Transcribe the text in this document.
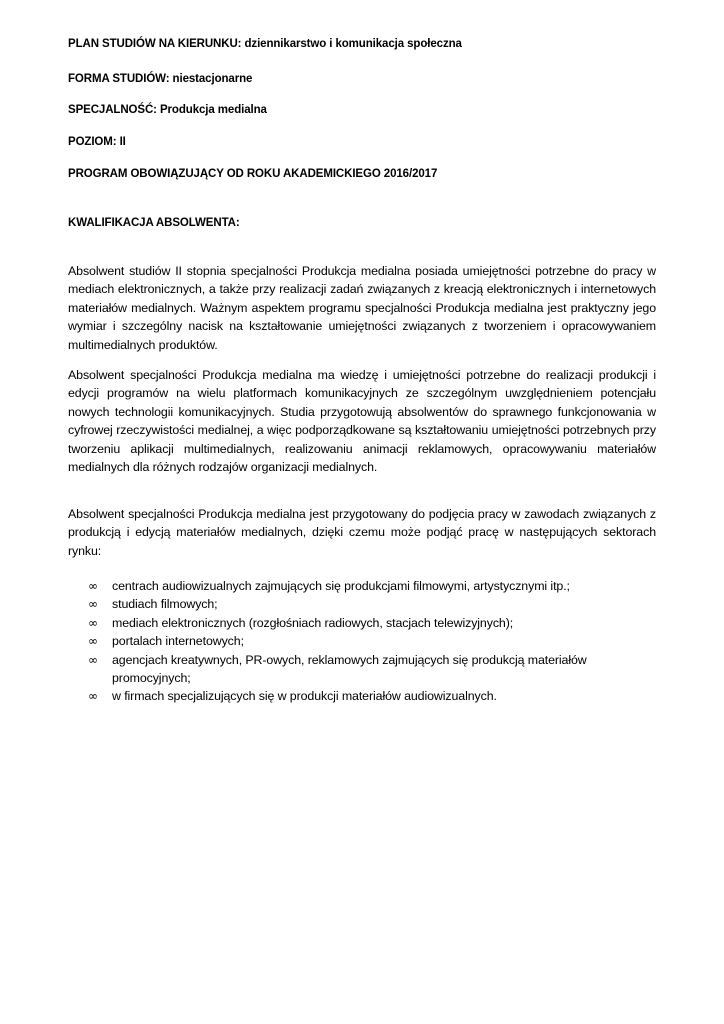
PLAN STUDIÓW NA KIERUNKU: dziennikarstwo i komunikacja społeczna
FORMA STUDIÓW: niestacjonarne
SPECJALNOŚĆ: Produkcja medialna
POZIOM: II
PROGRAM OBOWIĄZUJĄCY OD ROKU AKADEMICKIEGO 2016/2017
KWALIFIKACJA ABSOLWENTA:

Absolwent studiów II stopnia specjalności Produkcja medialna posiada umiejętności potrzebne do pracy w mediach elektronicznych, a także przy realizacji zadań związanych z kreacją elektronicznych i internetowych materiałów medialnych. Ważnym aspektem programu specjalności Produkcja medialna jest praktyczny jego wymiar i szczególny nacisk na kształtowanie umiejętności związanych z tworzeniem i opracowywaniem multimedialnych produktów.

Absolwent specjalności Produkcja medialna ma wiedzę i umiejętności potrzebne do realizacji produkcji i edycji programów na wielu platformach komunikacyjnych ze szczególnym uwzględnieniem potencjału nowych technologii komunikacyjnych. Studia przygotowują absolwentów do sprawnego funkcjonowania w cyfrowej rzeczywistości medialnej, a więc podporządkowane są kształtowaniu umiejętności potrzebnych przy tworzeniu aplikacji multimedialnych, realizowaniu animacji reklamowych, opracowywaniu materiałów medialnych dla różnych rodzajów organizacji medialnych.

Absolwent specjalności Produkcja medialna jest przygotowany do podjęcia pracy w zawodach związanych z produkcją i edycją materiałów medialnych, dzięki czemu może podjąć pracę w następujących sektorach rynku:

∞ centrach audiowizualnych zajmujących się produkcjami filmowymi, artystycznymi itp.;
∞ studiach filmowych;
∞ mediach elektronicznych (rozgłośniach radiowych, stacjach telewizyjnych);
∞ portalach internetowych;
∞ agencjach kreatywnych, PR-owych, reklamowych zajmujących się produkcją materiałów promocyjnych;
∞ w firmach specjalizujących się w produkcji materiałów audiowizualnych.
